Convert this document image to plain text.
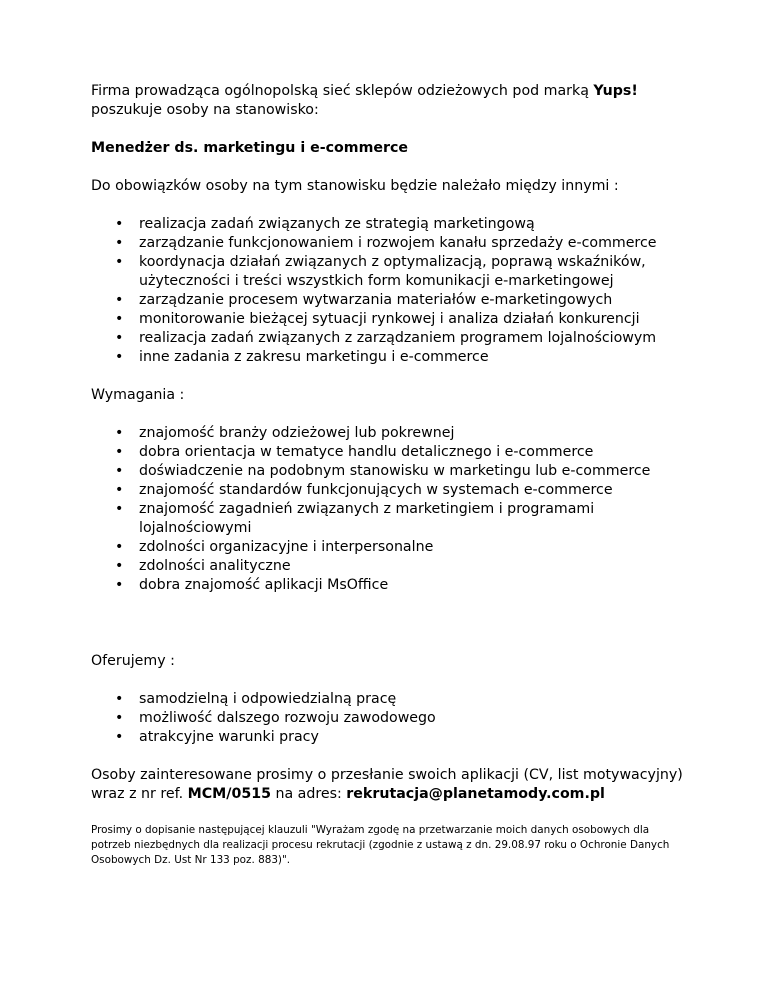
Firma prowadząca ogólnopolską sieć sklepów odzieżowych pod marką Yups!
poszukuje osoby na stanowisko:

Menedżer ds. marketingu i e-commerce

Do obowiązków osoby na tym stanowisku będzie należało między innymi :

• realizacja zadań związanych ze strategią marketingową
• zarządzanie funkcjonowaniem i rozwojem kanału sprzedaży e-commerce
• koordynacja działań związanych z optymalizacją, poprawą wskaźników, użyteczności i treści wszystkich form komunikacji e-marketingowej
• zarządzanie procesem wytwarzania materiałów e-marketingowych
• monitorowanie bieżącej sytuacji rynkowej i analiza działań konkurencji
• realizacja zadań związanych z zarządzaniem programem lojalnościowym
• inne zadania z zakresu marketingu i e-commerce

Wymagania :

• znajomość branży odzieżowej lub pokrewnej
• dobra orientacja w tematyce handlu detalicznego i e-commerce
• doświadczenie na podobnym stanowisku w marketingu lub e-commerce
• znajomość standardów funkcjonujących w systemach e-commerce
• znajomość zagadnień związanych z marketingiem i programami lojalnościowymi
• zdolności organizacyjne i interpersonalne
• zdolności analityczne
• dobra znajomość aplikacji MsOffice

Oferujemy :

• samodzielną i odpowiedzialną pracę
• możliwość dalszego rozwoju zawodowego
• atrakcyjne warunki pracy

Osoby zainteresowane prosimy o przesłanie swoich aplikacji (CV, list motywacyjny) wraz z nr ref. MCM/0515 na adres: rekrutacja@planetamody.com.pl

Prosimy o dopisanie następującej klauzuli "Wyrażam zgodę na przetwarzanie moich danych osobowych dla potrzeb niezbędnych dla realizacji procesu rekrutacji (zgodnie z ustawą z dn. 29.08.97 roku o Ochronie Danych Osobowych Dz. Ust Nr 133 poz. 883)".
